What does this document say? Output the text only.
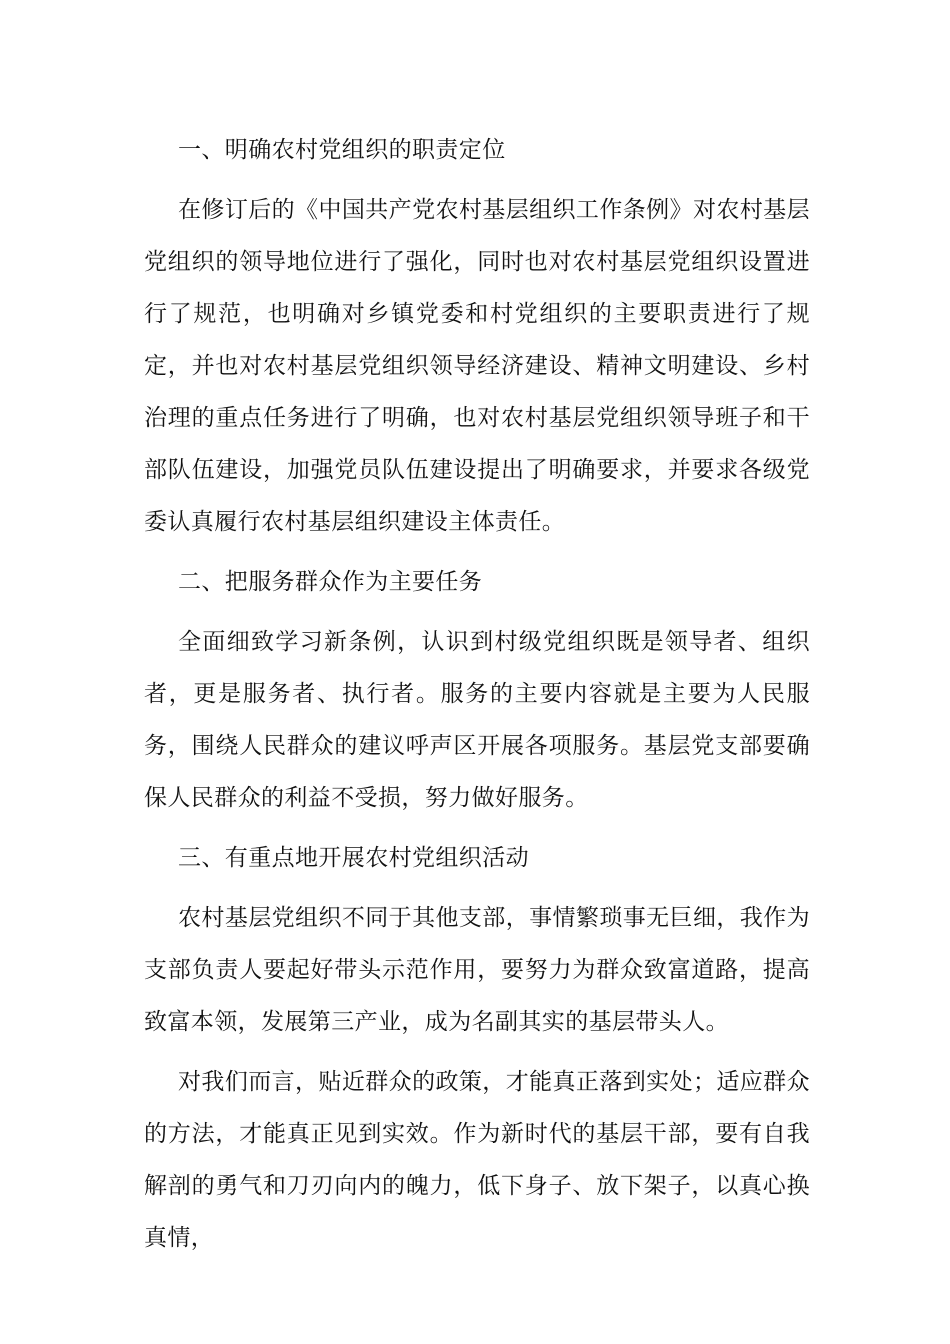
一、明确农村党组织的职责定位
在修订后的《中国共产党农村基层组织工作条例》对农村基层党组织的领导地位进行了强化，同时也对农村基层党组织设置进行了规范，也明确对乡镇党委和村党组织的主要职责进行了规定，并也对农村基层党组织领导经济建设、精神文明建设、乡村治理的重点任务进行了明确，也对农村基层党组织领导班子和干部队伍建设，加强党员队伍建设提出了明确要求，并要求各级党委认真履行农村基层组织建设主体责任。
二、把服务群众作为主要任务
全面细致学习新条例，认识到村级党组织既是领导者、组织者，更是服务者、执行者。服务的主要内容就是主要为人民服务，围绕人民群众的建议呼声区开展各项服务。基层党支部要确保人民群众的利益不受损，努力做好服务。
三、有重点地开展农村党组织活动
农村基层党组织不同于其他支部，事情繁琐事无巨细，我作为支部负责人要起好带头示范作用，要努力为群众致富道路，提高致富本领，发展第三产业，成为名副其实的基层带头人。
对我们而言，贴近群众的政策，才能真正落到实处；适应群众的方法，才能真正见到实效。作为新时代的基层干部，要有自我解剖的勇气和刀刃向内的魄力，低下身子、放下架子，以真心换真情，
